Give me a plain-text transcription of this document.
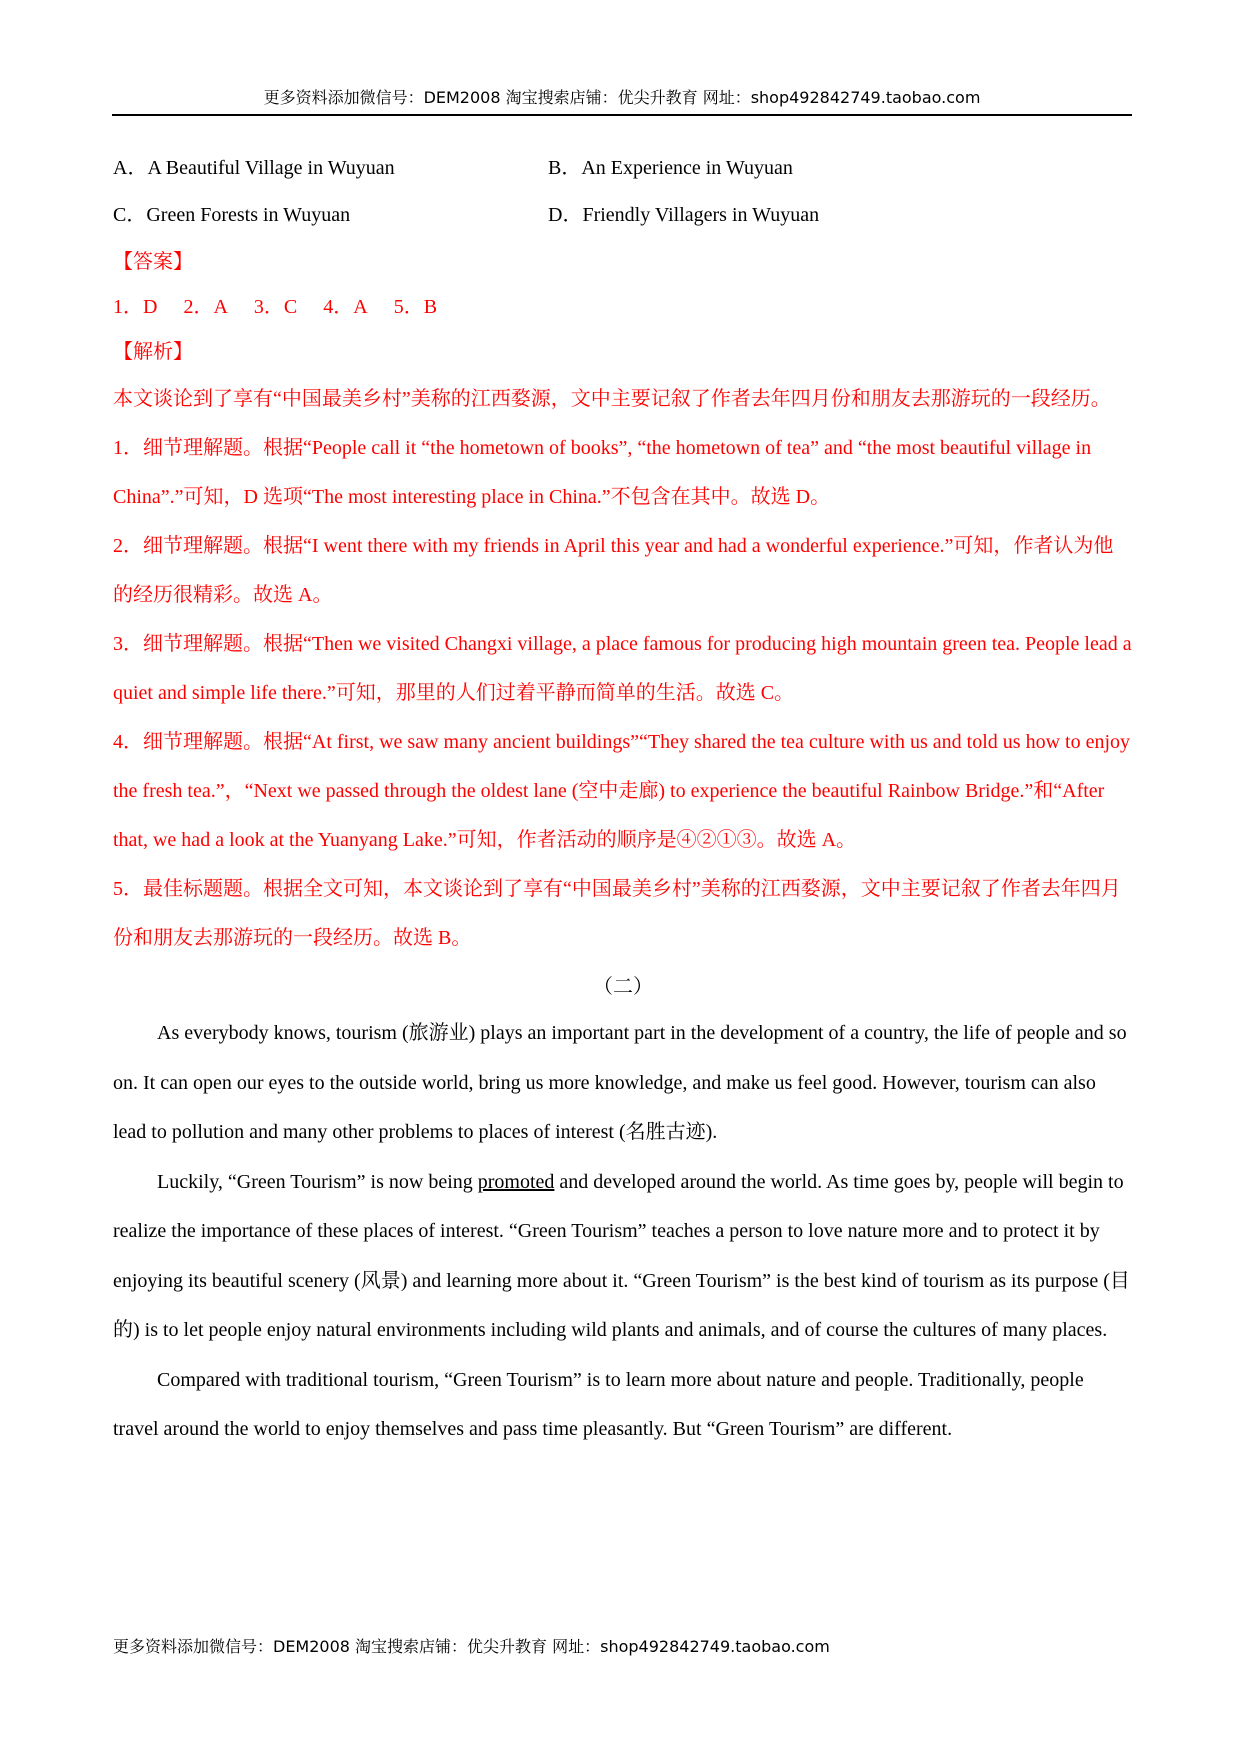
更多资料添加微信号：DEM2008 淘宝搜索店铺：优尖升教育 网址：shop492842749.taobao.com
A．A Beautiful Village in Wuyuan	B．An Experience in Wuyuan
C．Green Forests in Wuyuan	D．Friendly Villagers in Wuyuan
【答案】
1．D 2．A 3．C 4．A 5．B
【解析】

本文谈论到了享有“中国最美乡村”美称的江西婺源，文中主要记叙了作者去年四月份和朋友去那游玩的一段经历。

1．细节理解题。根据“People call it “the hometown of books”, “the hometown of tea” and “the most beautiful village in China”.”可知，D 选项“The most interesting place in China.”不包含在其中。故选 D。

2．细节理解题。根据“I went there with my friends in April this year and had a wonderful experience.”可知，作者认为他的经历很精彩。故选 A。

3．细节理解题。根据“Then we visited Changxi village, a place famous for producing high mountain green tea. People lead a quiet and simple life there.”可知，那里的人们过着平静而简单的生活。故选 C。

4．细节理解题。根据“At first, we saw many ancient buildings”“They shared the tea culture with us and told us how to enjoy the fresh tea.”，“Next we passed through the oldest lane (空中走廊) to experience the beautiful Rainbow Bridge.”和“After that, we had a look at the Yuanyang Lake.”可知，作者活动的顺序是④②①③。故选 A。

5．最佳标题题。根据全文可知，本文谈论到了享有“中国最美乡村”美称的江西婺源，文中主要记叙了作者去年四月份和朋友去那游玩的一段经历。故选 B。

（二）

As everybody knows, tourism (旅游业) plays an important part in the development of a country, the life of people and so on. It can open our eyes to the outside world, bring us more knowledge, and make us feel good. However, tourism can also lead to pollution and many other problems to places of interest (名胜古迹).

Luckily, “Green Tourism” is now being promoted and developed around the world. As time goes by, people will begin to realize the importance of these places of interest. “Green Tourism” teaches a person to love nature more and to protect it by enjoying its beautiful scenery (风景) and learning more about it. “Green Tourism” is the best kind of tourism as its purpose (目的) is to let people enjoy natural environments including wild plants and animals, and of course the cultures of many places.

Compared with traditional tourism, “Green Tourism” is to learn more about nature and people. Traditionally, people travel around the world to enjoy themselves and pass time pleasantly. But “Green Tourism” are different.

更多资料添加微信号：DEM2008 淘宝搜索店铺：优尖升教育 网址：shop492842749.taobao.com
